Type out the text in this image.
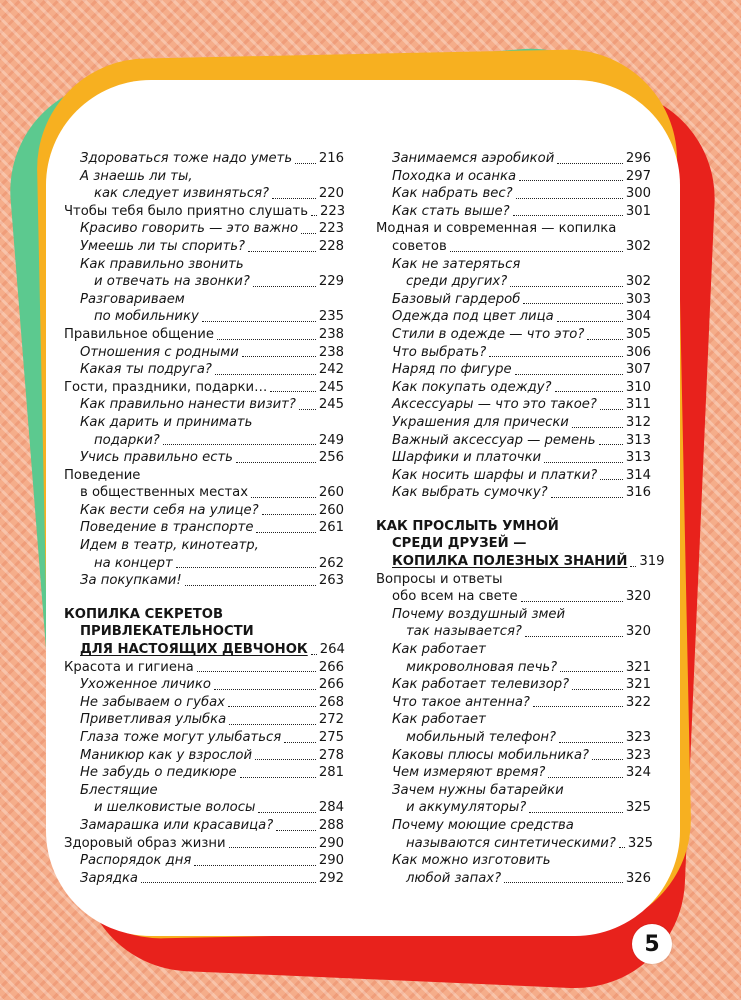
Здороваться тоже надо уметь 216
А знаешь ли ты,
как следует извиняться?	220
Чтобы тебя было приятно слушать 223
Красиво говорить — это важно 223
Умеешь ли ты спорить?	228
Как правильно звонить
и отвечать на звонки?	229
Разговариваем
по мобильнику	235
Правильное общение	238
Отношения с родными	238
Какая ты подруга?	242
Гости, праздники, подарки…	245
Как правильно нанести визит? 245
Как дарить и принимать
подарки?	249
Учись правильно есть	256
Поведение
в общественных местах	260
Как вести себя на улице?	260
Поведение в транспорте	261
Идем в театр, кинотеатр,
на концерт	262
За покупками!	263
КОПИЛКА СЕКРЕТОВ
ПРИВЛЕКАТЕЛЬНОСТИ
ДЛЯ НАСТОЯЩИХ ДЕВЧОНОК 264
Красота и гигиена	266
Ухоженное личико	266
Не забываем о губах	268
Приветливая улыбка	272
Глаза тоже могут улыбаться	275
Маникюр как у взрослой	278
Не забудь о педикюре	281
Блестящие
и шелковистые волосы	284
Замарашка или красавица?	288
Здоровый образ жизни	290
Распорядок дня	290
Зарядка	292
Занимаемся аэробикой	296
Походка и осанка	297
Как набрать вес?	300
Как стать выше?	301
Модная и современная — копилка
советов	302
Как не затеряться
среди других?	302
Базовый гардероб	303
Одежда под цвет лица	304
Стили в одежде — что это?	305
Что выбрать?	306
Наряд по фигуре	307
Как покупать одежду?	310
Аксессуары — что это такое? 311
Украшения для прически	312
Важный аксессуар — ремень 313
Шарфики и платочки	313
Как носить шарфы и платки? 314
Как выбрать сумочку?	316
КАК ПРОСЛЫТЬ УМНОЙ
СРЕДИ ДРУЗЕЙ —
КОПИЛКА ПОЛЕЗНЫХ ЗНАНИЙ 319
Вопросы и ответы
обо всем на свете	320
Почему воздушный змей
так называется?	320
Как работает
микроволновая печь?	321
Как работает телевизор?	321
Что такое антенна?	322
Как работает
мобильный телефон?	323
Каковы плюсы мобильника?	323
Чем измеряют время?	324
Зачем нужны батарейки
и аккумуляторы?	325
Почему моющие средства
называются синтетическими? 325
Как можно изготовить
любой запах?	326
5
